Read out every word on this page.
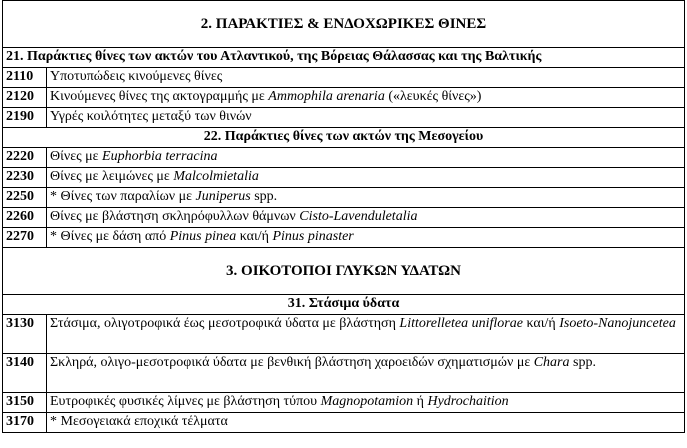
2. ΠΑΡΑΚΤΙΕΣ & ΕΝΔΟΧΩΡΙΚΕΣ ΘΙΝΕΣ	
21. Παράκτιες θίνες των ακτών του Ατλαντικού, της Βόρειας Θάλασσας και της Βαλτικής	
2110	Υποτυπώδεις κινούμενες θίνες
2120	Κινούμενες θίνες της ακτογραμμής με Ammophila arenaria («λευκές θίνες»)
2190	Υγρές κοιλότητες μεταξύ των θινών
22. Παράκτιες θίνες των ακτών της Μεσογείου	
2220	Θίνες με Euphorbia terracina
2230	Θίνες με λειμώνες με Malcolmietalia
2250	* Θίνες των παραλίων με Juniperus spp.
2260	Θίνες με βλάστηση σκληρόφυλλων θάμνων Cisto-Lavenduletalia
2270	* Θίνες με δάση από Pinus pinea και/ή Pinus pinaster
3. ΟΙΚΟΤΟΠΟΙ ΓΛΥΚΩΝ ΥΔΑΤΩΝ	
31. Στάσιμα ύδατα	
3130	Στάσιμα, ολιγοτροφικά έως μεσοτροφικά ύδατα με βλάστηση Littorelletea uniflorae και/ή Isoeto-Nanojuncetea
3140	Σκληρά, ολιγο-μεσοτροφικά ύδατα με βενθική βλάστηση χαροειδών σχηματισμών με Chara spp.
3150	Ευτροφικές φυσικές λίμνες με βλάστηση τύπου Magnopotamion ή Hydrochaition
3170	* Μεσογειακά εποχικά τέλματα
